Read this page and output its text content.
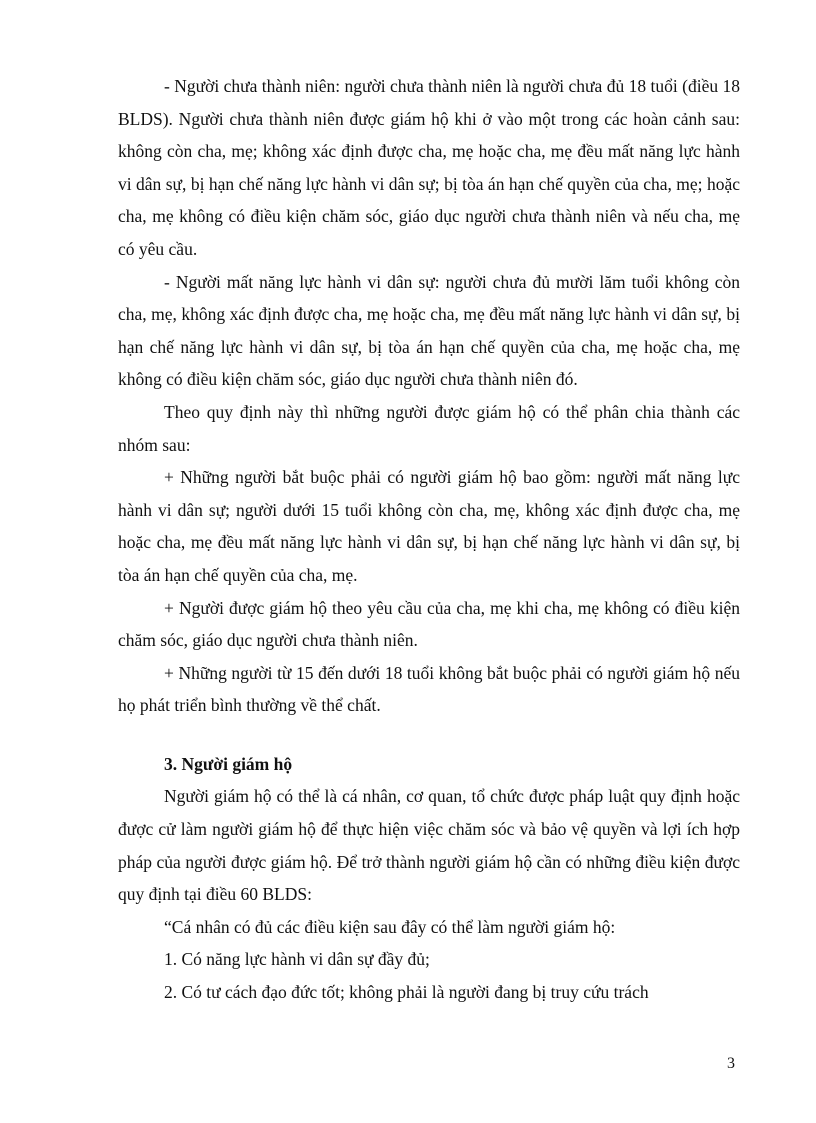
- Người chưa thành niên: người chưa thành niên là người chưa đủ 18 tuổi (điều 18 BLDS). Người chưa thành niên được giám hộ khi ở vào một trong các hoàn cảnh sau: không còn cha, mẹ; không xác định được cha, mẹ hoặc cha, mẹ đều mất năng lực hành vi dân sự, bị hạn chế năng lực hành vi dân sự; bị tòa án hạn chế quyền của cha, mẹ; hoặc cha, mẹ không có điều kiện chăm sóc, giáo dục người chưa thành niên và nếu cha, mẹ có yêu cầu.

- Người mất năng lực hành vi dân sự: người chưa đủ mười lăm tuổi không còn cha, mẹ, không xác định được cha, mẹ hoặc cha, mẹ đều mất năng lực hành vi dân sự, bị hạn chế năng lực hành vi dân sự, bị tòa án hạn chế quyền của cha, mẹ hoặc cha, mẹ không có điều kiện chăm sóc, giáo dục người chưa thành niên đó.

Theo quy định này thì những người được giám hộ có thể phân chia thành các nhóm sau:

+ Những người bắt buộc phải có người giám hộ bao gồm: người mất năng lực hành vi dân sự; người dưới 15 tuổi không còn cha, mẹ, không xác định được cha, mẹ hoặc cha, mẹ đều mất năng lực hành vi dân sự, bị hạn chế năng lực hành vi dân sự, bị tòa án hạn chế quyền của cha, mẹ.

+ Người được giám hộ theo yêu cầu của cha, mẹ khi cha, mẹ không có điều kiện chăm sóc, giáo dục người chưa thành niên.

+ Những người từ 15 đến dưới 18 tuổi không bắt buộc phải có người giám hộ nếu họ phát triển bình thường về thể chất.

3. Người giám hộ

Người giám hộ có thể là cá nhân, cơ quan, tổ chức được pháp luật quy định hoặc được cử làm người giám hộ để thực hiện việc chăm sóc và bảo vệ quyền và lợi ích hợp pháp của người được giám hộ. Để trở thành người giám hộ cần có những điều kiện được quy định tại điều 60 BLDS:

“Cá nhân có đủ các điều kiện sau đây có thể làm người giám hộ:

1. Có năng lực hành vi dân sự đầy đủ;

2. Có tư cách đạo đức tốt; không phải là người đang bị truy cứu trách

3
